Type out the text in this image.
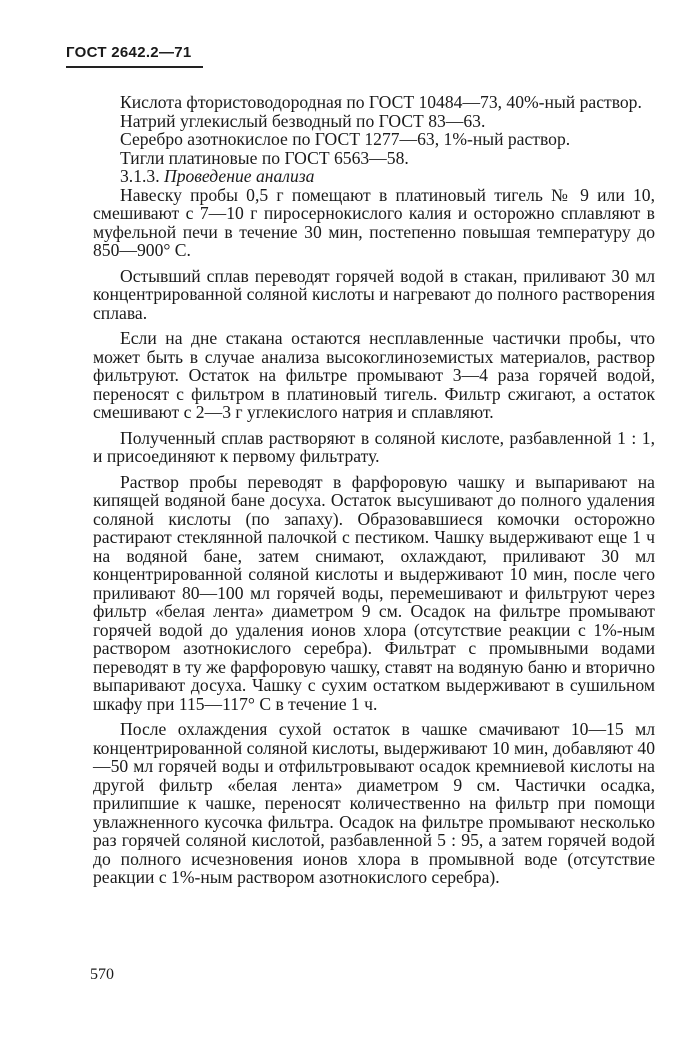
ГОСТ 2642.2—71

Кислота фтористоводородная по ГОСТ 10484—73, 40%-ный раствор.

Натрий углекислый безводный по ГОСТ 83—63.

Серебро азотнокислое по ГОСТ 1277—63, 1%-ный раствор.

Тигли платиновые по ГОСТ 6563—58.

3.1.3. Проведение анализа

Навеску пробы 0,5 г помещают в платиновый тигель № 9 или 10, смешивают с 7—10 г пиросернокислого калия и осторожно сплавляют в муфельной печи в течение 30 мин, постепенно повышая температуру до 850—900° С.

Остывший сплав переводят горячей водой в стакан, приливают 30 мл концентрированной соляной кислоты и нагревают до полного растворения сплава.

Если на дне стакана остаются несплавленные частички пробы, что может быть в случае анализа высокоглиноземистых материалов, раствор фильтруют. Остаток на фильтре промывают 3—4 раза горячей водой, переносят с фильтром в платиновый тигель. Фильтр сжигают, а остаток смешивают с 2—3 г углекислого натрия и сплавляют.

Полученный сплав растворяют в соляной кислоте, разбавленной 1 : 1, и присоединяют к первому фильтрату.

Раствор пробы переводят в фарфоровую чашку и выпаривают на кипящей водяной бане досуха. Остаток высушивают до полного удаления соляной кислоты (по запаху). Образовавшиеся комочки осторожно растирают стеклянной палочкой с пестиком. Чашку выдерживают еще 1 ч на водяной бане, затем снимают, охлаждают, приливают 30 мл концентрированной соляной кислоты и выдерживают 10 мин, после чего приливают 80—100 мл горячей воды, перемешивают и фильтруют через фильтр «белая лента» диаметром 9 см. Осадок на фильтре промывают горячей водой до удаления ионов хлора (отсутствие реакции с 1%-ным раствором азотнокислого серебра). Фильтрат с промывными водами переводят в ту же фарфоровую чашку, ставят на водяную баню и вторично выпаривают досуха. Чашку с сухим остатком выдерживают в сушильном шкафу при 115—117° С в течение 1 ч.

После охлаждения сухой остаток в чашке смачивают 10—15 мл концентрированной соляной кислоты, выдерживают 10 мин, добавляют 40—50 мл горячей воды и отфильтровывают осадок кремниевой кислоты на другой фильтр «белая лента» диаметром 9 см. Частички осадка, прилипшие к чашке, переносят количественно на фильтр при помощи увлажненного кусочка фильтра. Осадок на фильтре промывают несколько раз горячей соляной кислотой, разбавленной 5 : 95, а затем горячей водой до полного исчезновения ионов хлора в промывной воде (отсутствие реакции с 1%-ным раствором азотнокислого серебра).

570
